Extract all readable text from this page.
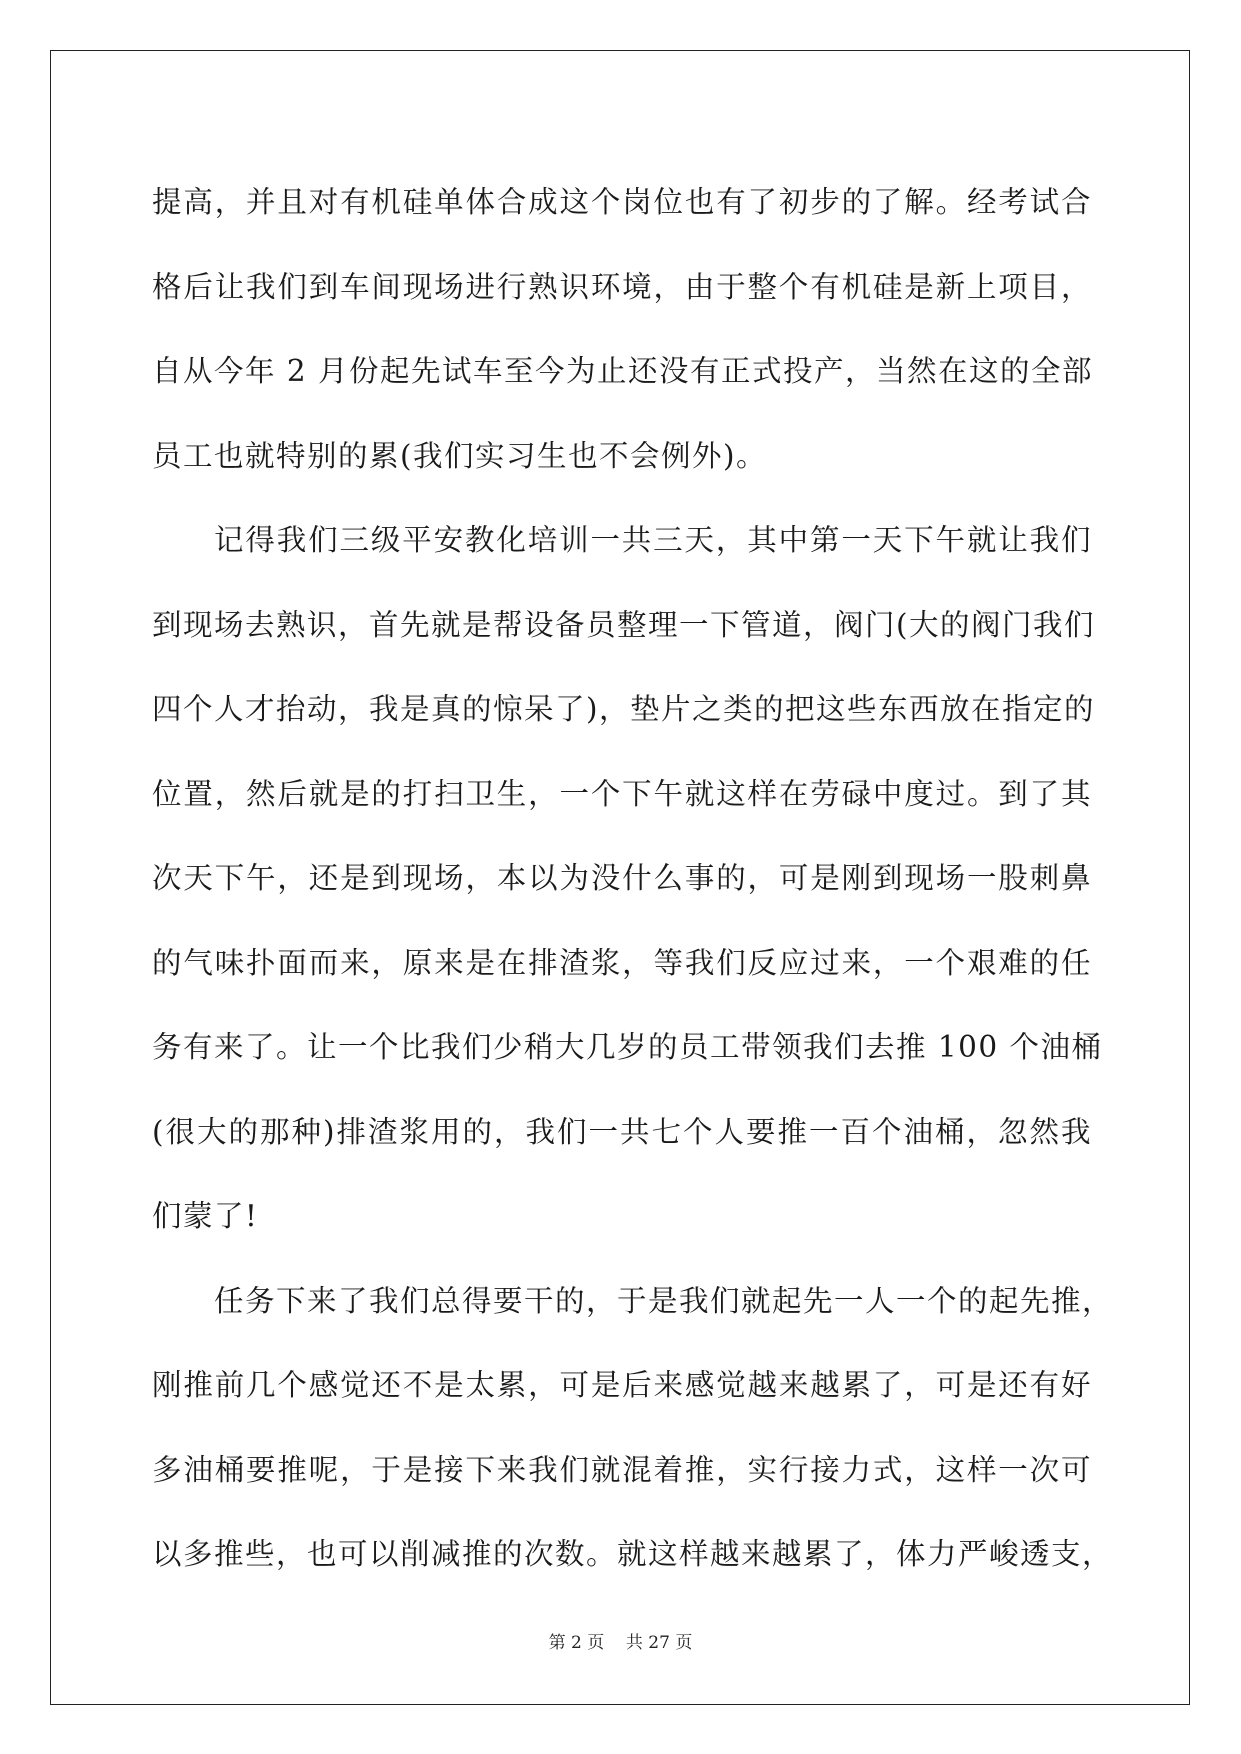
提高，并且对有机硅单体合成这个岗位也有了初步的了解。经考试合
格后让我们到车间现场进行熟识环境，由于整个有机硅是新上项目，
自从今年 2 月份起先试车至今为止还没有正式投产，当然在这的全部
员工也就特别的累(我们实习生也不会例外)。
记得我们三级平安教化培训一共三天，其中第一天下午就让我们
到现场去熟识，首先就是帮设备员整理一下管道，阀门(大的阀门我们
四个人才抬动，我是真的惊呆了)，垫片之类的把这些东西放在指定的
位置，然后就是的打扫卫生，一个下午就这样在劳碌中度过。到了其
次天下午，还是到现场，本以为没什么事的，可是刚到现场一股刺鼻
的气味扑面而来，原来是在排渣浆，等我们反应过来，一个艰难的任
务有来了。让一个比我们少稍大几岁的员工带领我们去推 100 个油桶
(很大的那种)排渣浆用的，我们一共七个人要推一百个油桶，忽然我
们蒙了!
任务下来了我们总得要干的，于是我们就起先一人一个的起先推，
刚推前几个感觉还不是太累，可是后来感觉越来越累了，可是还有好
多油桶要推呢，于是接下来我们就混着推，实行接力式，这样一次可
以多推些，也可以削减推的次数。就这样越来越累了，体力严峻透支，
第 2 页 共 27 页
